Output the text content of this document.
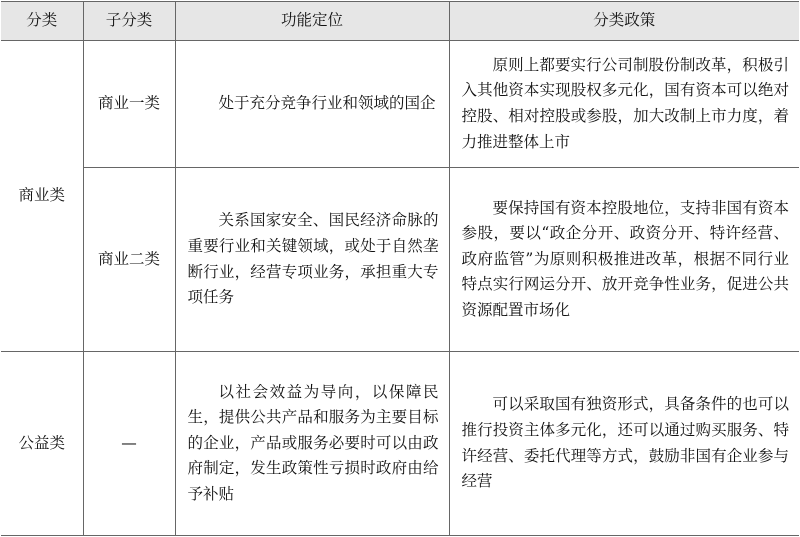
分类	子分类	功能定位	分类政策
商业类	商业一类	处于充分竞争行业和领域的国企	原则上都要实行公司制股份制改革，积极引入其他资本实现股权多元化，国有资本可以绝对控股、相对控股或参股，加大改制上市力度，着力推进整体上市

	商业二类	关系国家安全、国民经济命脉的重要行业和关键领域，或处于自然垄断行业，经营专项业务，承担重大专项任务	要保持国有资本控股地位，支持非国有资本参股，要以“政企分开、政资分开、特许经营、政府监管”为原则积极推进改革，根据不同行业特点实行网运分开、放开竞争性业务，促进公共资源配置市场化

公益类	—	以社会效益为导向，以保障民生，提供公共产品和服务为主要目标的企业，产品或服务必要时可以由政府制定，发生政策性亏损时政府由给予补贴	可以采取国有独资形式，具备条件的也可以推行投资主体多元化，还可以通过购买服务、特许经营、委托代理等方式，鼓励非国有企业参与经营
